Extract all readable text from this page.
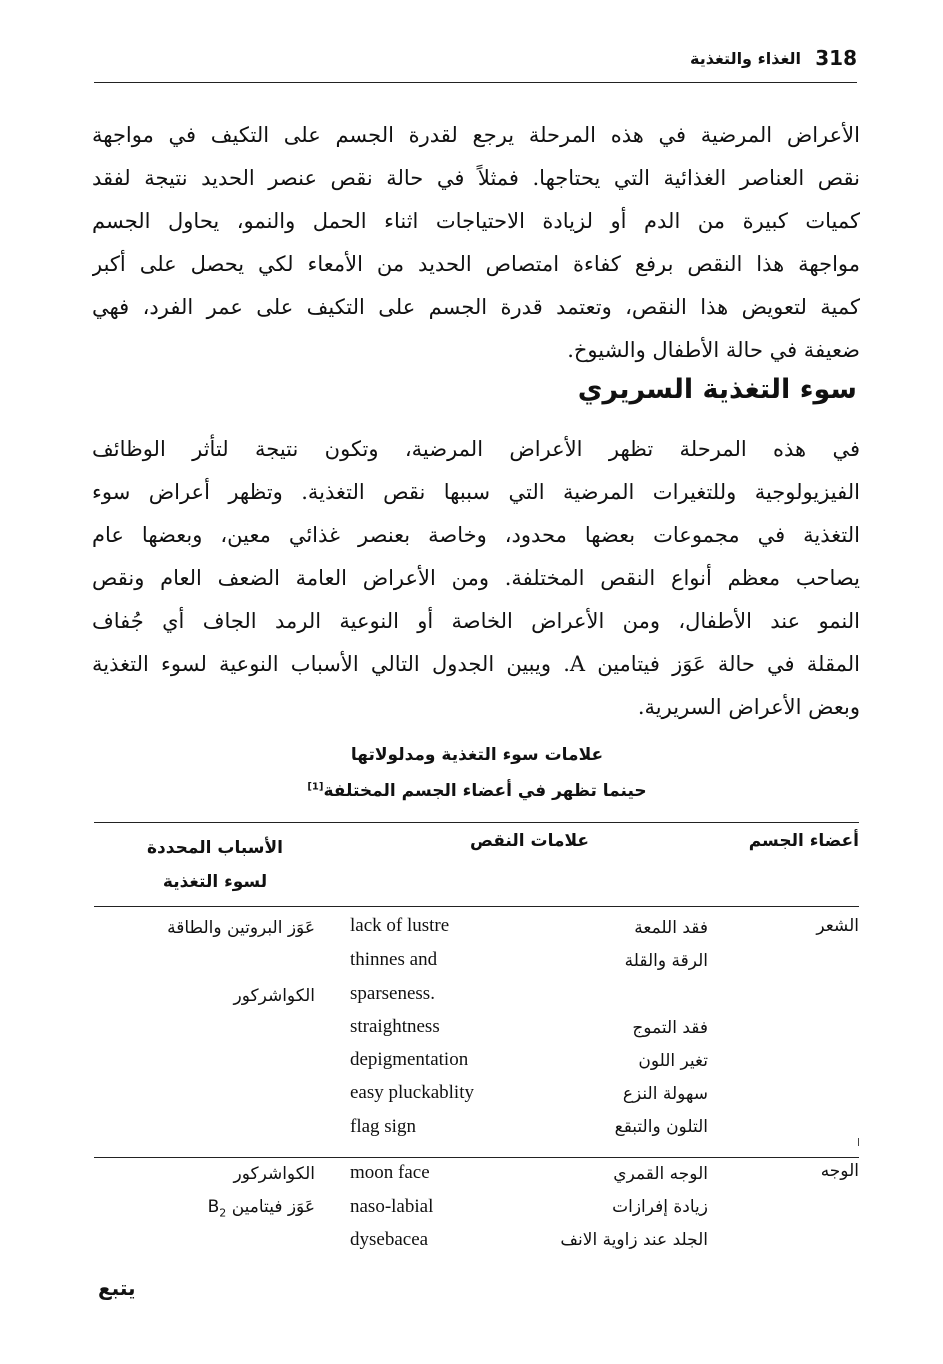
318
الغذاء والتغذية
الأعراض المرضية في هذه المرحلة يرجع لقدرة الجسم على التكيف في مواجهة
نقص العناصر الغذائية التي يحتاجها. فمثلاً في حالة نقص عنصر الحديد نتيجة لفقد
كميات كبيرة من الدم أو لزيادة الاحتياجات اثناء الحمل والنمو، يحاول الجسم
مواجهة هذا النقص برفع كفاءة امتصاص الحديد من الأمعاء لكي يحصل على أكبر
كمية لتعويض هذا النقص، وتعتمد قدرة الجسم على التكيف على عمر الفرد، فهي
ضعيفة في حالة الأطفال والشيوخ.
سوء التغذية السريري
في هذه المرحلة تظهر الأعراض المرضية، وتكون نتيجة لتأثر الوظائف
الفيزيولوجية وللتغيرات المرضية التي سببها نقص التغذية. وتظهر أعراض سوء
التغذية في مجموعات بعضها محدود، وخاصة بعنصر غذائي معين، وبعضها عام
يصاحب معظم أنواع النقص المختلفة. ومن الأعراض العامة الضعف العام ونقص
النمو عند الأطفال، ومن الأعراض الخاصة أو النوعية الرمد الجاف أي جُفاف
المقلة في حالة عَوَز فيتامين A. ويبين الجدول التالي الأسباب النوعية لسوء التغذية
وبعض الأعراض السريرية.
علامات سوء التغذية ومدلولاتها
حينما تظهر في أعضاء الجسم المختلفة[1]
أعضاء الجسم
علامات النقص
الأسباب المحددة
لسوء التغذية
الشعر
فقد اللمعة
الرقة والقلة
فقد التموج
تغير اللون
سهولة النزع
التلون والتبقع
lack of lustre
thinnes and
sparseness.
straightness
depigmentation
easy pluckablity
flag sign
عَوَز البروتين والطاقة
الكواشركور
الوجه
الوجه القمري
زيادة إفرازات
الجلد عند زاوية الانف
moon face
naso-labial
dysebacea
الكواشركور
عَوَز فيتامين $B_2$
يتبع
